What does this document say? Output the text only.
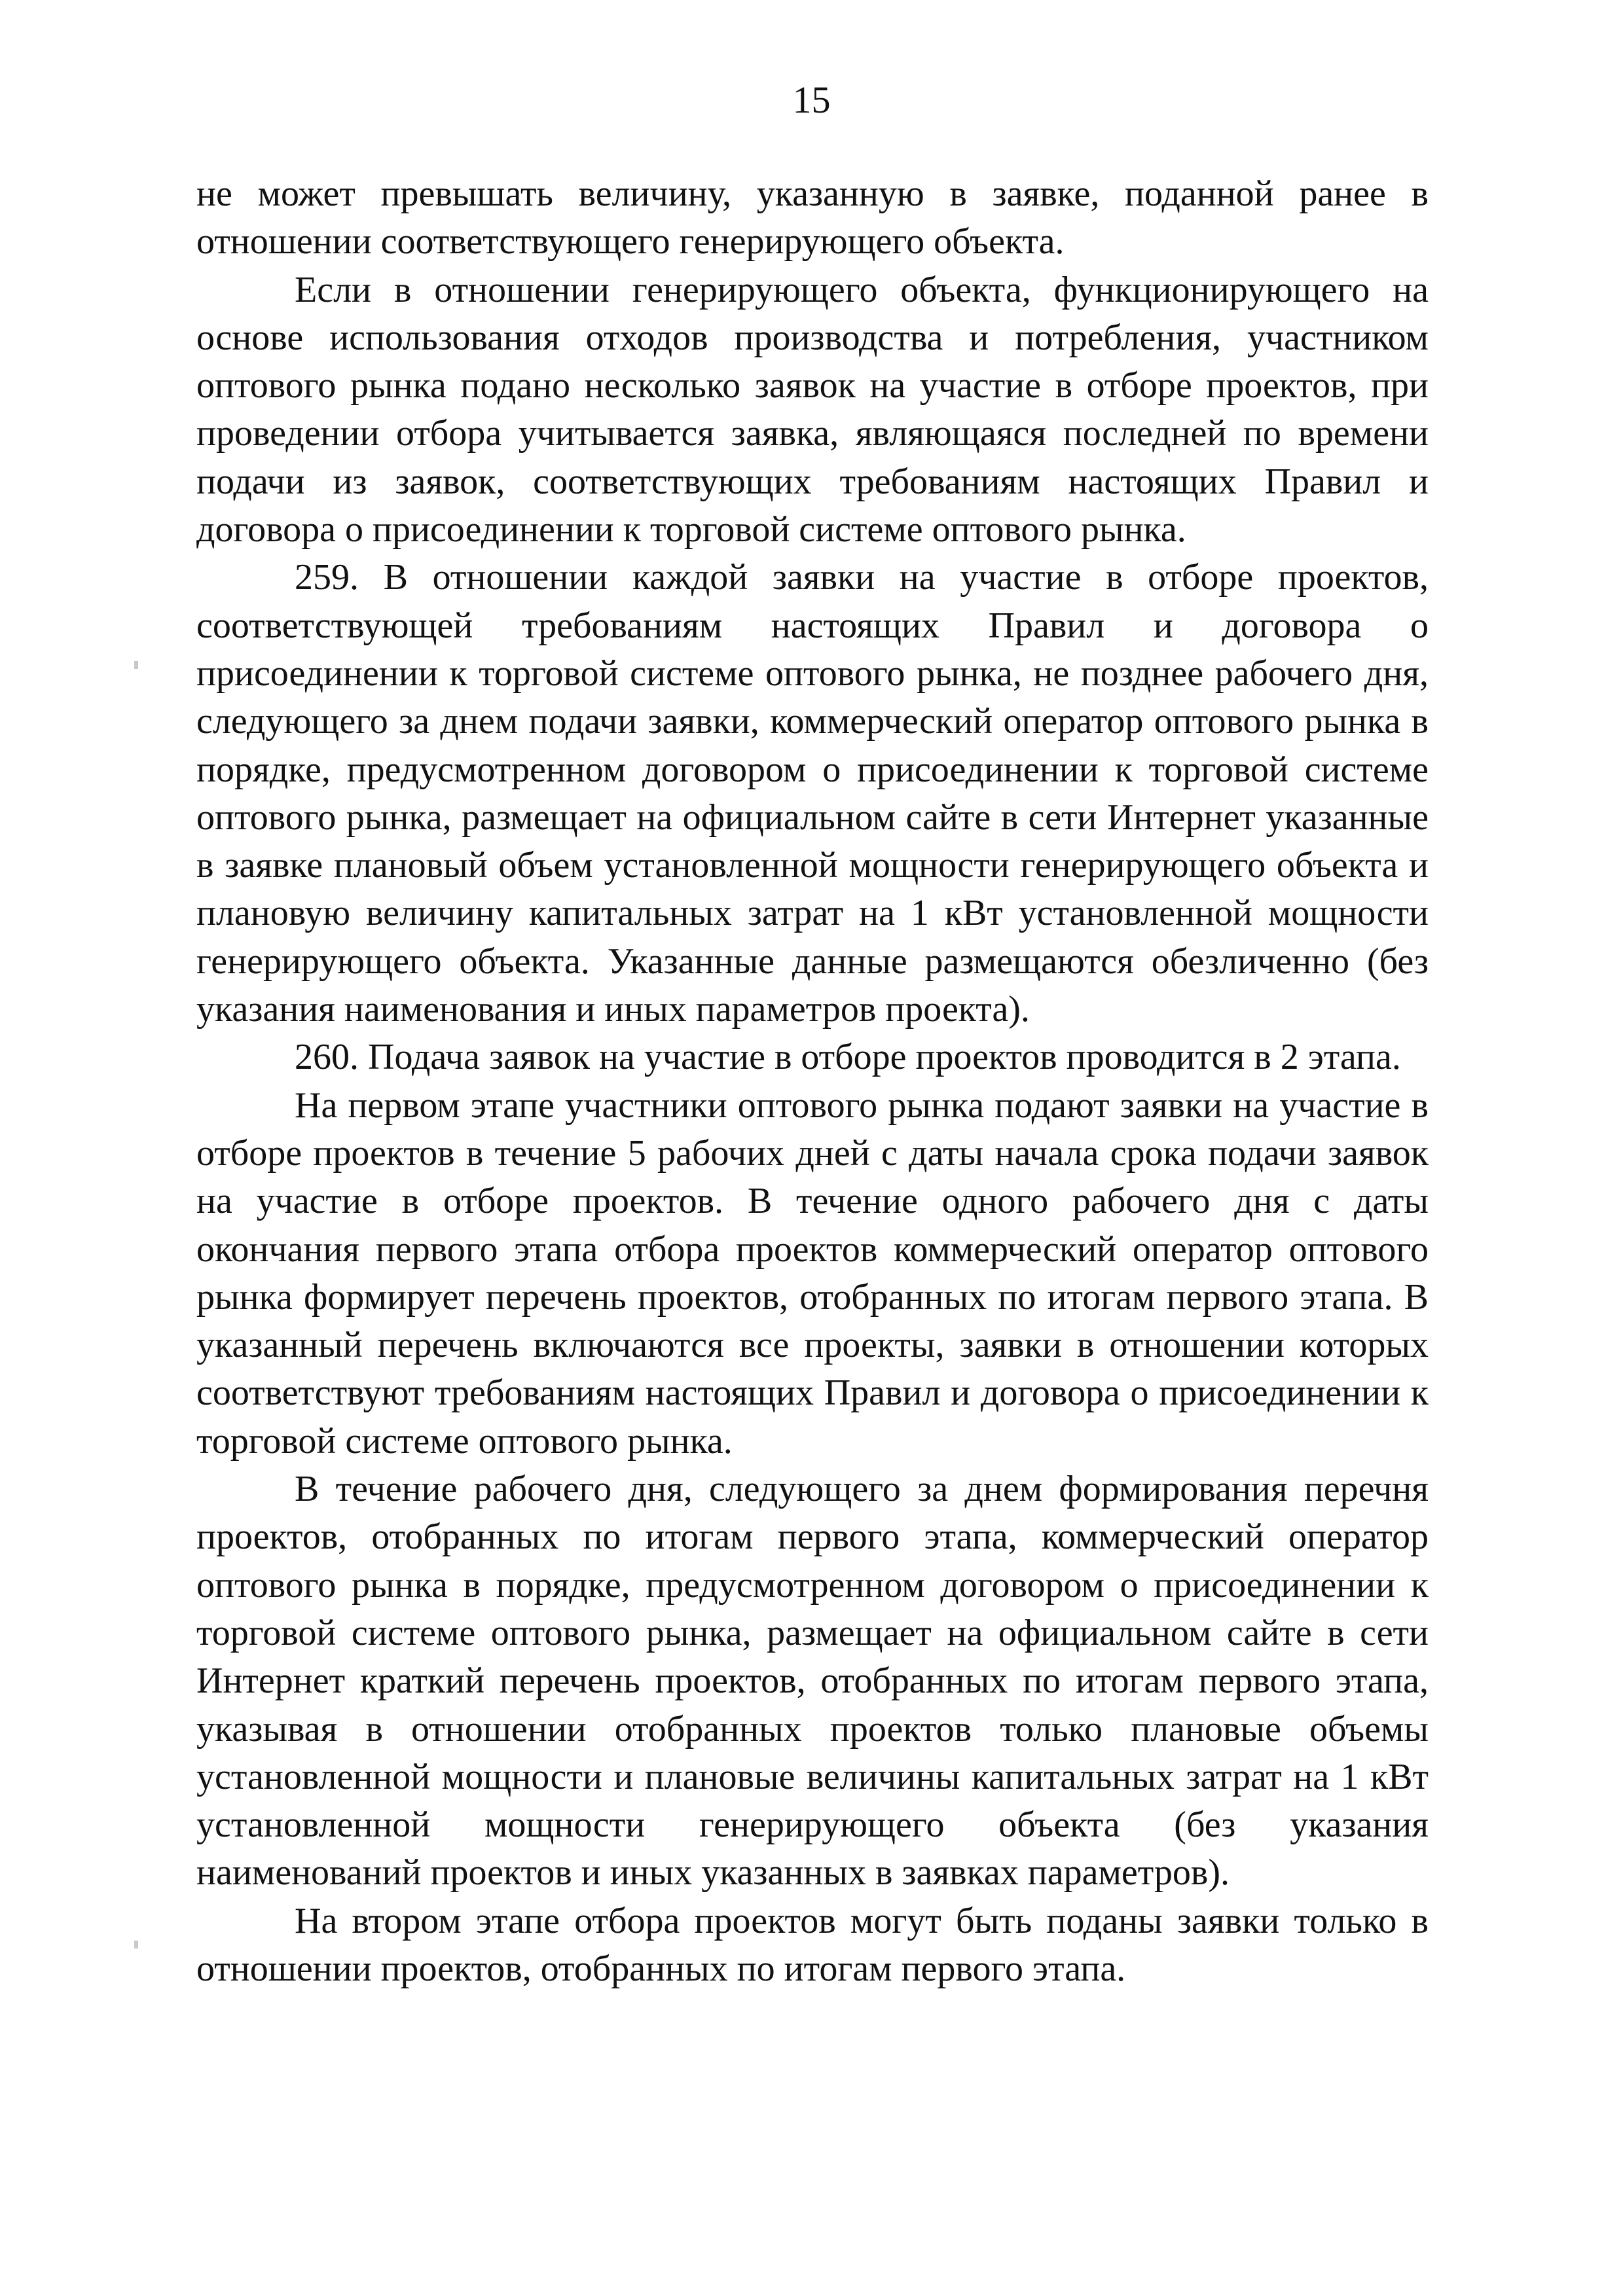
15

не может превышать величину, указанную в заявке, поданной ранее в отношении соответствующего генерирующего объекта.

Если в отношении генерирующего объекта, функционирующего на основе использования отходов производства и потребления, участником оптового рынка подано несколько заявок на участие в отборе проектов, при проведении отбора учитывается заявка, являющаяся последней по времени подачи из заявок, соответствующих требованиям настоящих Правил и договора о присоединении к торговой системе оптового рынка.

259. В отношении каждой заявки на участие в отборе проектов, соответствующей требованиям настоящих Правил и договора о присоединении к торговой системе оптового рынка, не позднее рабочего дня, следующего за днем подачи заявки, коммерческий оператор оптового рынка в порядке, предусмотренном договором о присоединении к торговой системе оптового рынка, размещает на официальном сайте в сети Интернет указанные в заявке плановый объем установленной мощности генерирующего объекта и плановую величину капитальных затрат на 1 кВт установленной мощности генерирующего объекта. Указанные данные размещаются обезличенно (без указания наименования и иных параметров проекта).

260. Подача заявок на участие в отборе проектов проводится в 2 этапа.

На первом этапе участники оптового рынка подают заявки на участие в отборе проектов в течение 5 рабочих дней с даты начала срока подачи заявок на участие в отборе проектов. В течение одного рабочего дня с даты окончания первого этапа отбора проектов коммерческий оператор оптового рынка формирует перечень проектов, отобранных по итогам первого этапа. В указанный перечень включаются все проекты, заявки в отношении которых соответствуют требованиям настоящих Правил и договора о присоединении к торговой системе оптового рынка.

В течение рабочего дня, следующего за днем формирования перечня проектов, отобранных по итогам первого этапа, коммерческий оператор оптового рынка в порядке, предусмотренном договором о присоединении к торговой системе оптового рынка, размещает на официальном сайте в сети Интернет краткий перечень проектов, отобранных по итогам первого этапа, указывая в отношении отобранных проектов только плановые объемы установленной мощности и плановые величины капитальных затрат на 1 кВт установленной мощности генерирующего объекта (без указания наименований проектов и иных указанных в заявках параметров).

На втором этапе отбора проектов могут быть поданы заявки только в отношении проектов, отобранных по итогам первого этапа.
